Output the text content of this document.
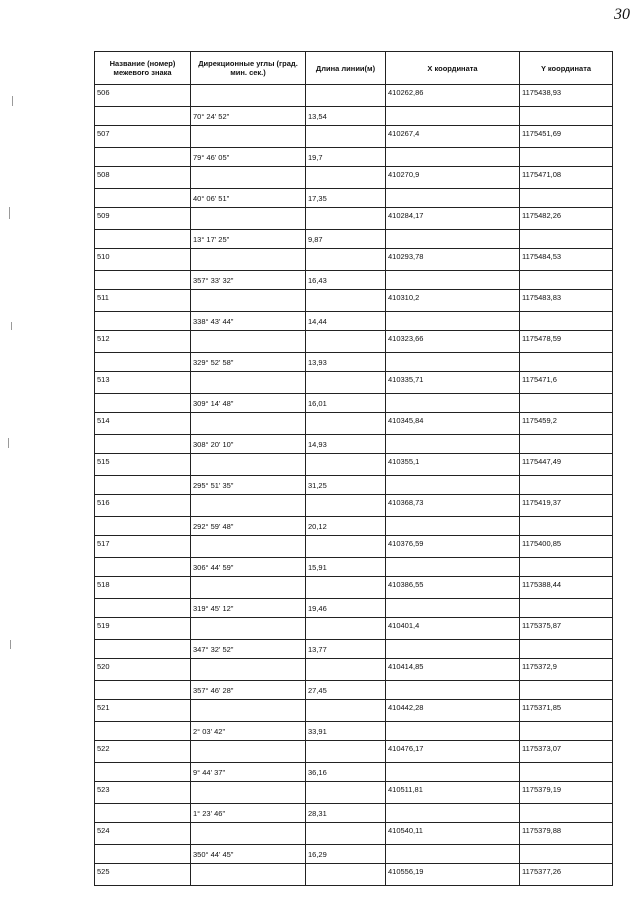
30
Название (номер) межевого знака	Дирекционные углы (град. мин. сек.)	Длина линии(м)	X координата	Y координата
506			410262,86	1175438,93
	70° 24' 52"	13,54		
507			410267,4	1175451,69
	79° 46' 05"	19,7		
508			410270,9	1175471,08
	40° 06' 51"	17,35		
509			410284,17	1175482,26
	13° 17' 25"	9,87		
510			410293,78	1175484,53
	357° 33' 32"	16,43		
511			410310,2	1175483,83
	338° 43' 44"	14,44		
512			410323,66	1175478,59
	329° 52' 58"	13,93		
513			410335,71	1175471,6
	309° 14' 48"	16,01		
514			410345,84	1175459,2
	308° 20' 10"	14,93		
515			410355,1	1175447,49
	295° 51' 35"	31,25		
516			410368,73	1175419,37
	292° 59' 48"	20,12		
517			410376,59	1175400,85
	306° 44' 59"	15,91		
518			410386,55	1175388,44
	319° 45' 12"	19,46		
519			410401,4	1175375,87
	347° 32' 52"	13,77		
520			410414,85	1175372,9
	357° 46' 28"	27,45		
521			410442,28	1175371,85
	2° 03' 42"	33,91		
522			410476,17	1175373,07
	9° 44' 37"	36,16		
523			410511,81	1175379,19
	1° 23' 46"	28,31		
524			410540,11	1175379,88
	350° 44' 45"	16,29		
525			410556,19	1175377,26
